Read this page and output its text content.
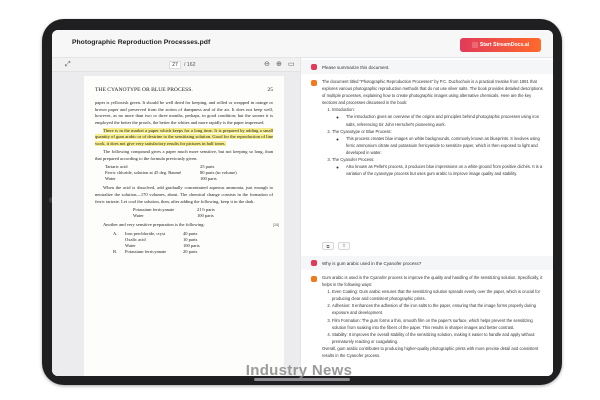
Photographic Reproduction Processes.pdf	Start StreamDocs.ai
⤢	27	/ 162	⊖ ⊕ ▭
THE CYANOTYPE OR BLUE PROCESS.	25

paper is yellowish green. It should be well dried for keeping, and rolled or wrapped in orange or brown paper and preserved from the action of dampness and of the air. It does not keep well, however, as no more than two or three months, perhaps, in good condition; but the sooner it is employed the better the proofs, the better the whites and more rapidly is the paper impressed.

There is in the market a paper which keeps for a long time. It is prepared by adding a small quantity of gum arabic or of dextrine to the sensitizing solution. Good for the reproduction of line work, it does not give very satisfactory results for pictures in half tones.

The following compound gives a paper much more sensitive, but not keeping so long, than that prepared according to the formula previously given.

Tartaric acid	25 parts
Ferric chloride, solution at 45 deg. Baumé	80 parts (in volume)
Water	100 parts

When the acid is dissolved, add gradually concentrated aqueous ammonia, just enough to neutralize the solution—170 volumes, about. The chemical change consists in the formation of ferric tartrate. Let cool the solution, then, after adding the following, keep it in the dark.

Potassium ferricyanate	21½ parts
Water	100 parts

Another and very sensitive preparation is the following:

A.	Iron perchloride, cryst	40 parts
Oxalic acid	10 parts
Water	100 parts
B.	Potassium ferricyanate	20 parts
[15]
Please summarize this document.

The document titled "Photographic Reproduction Processes" by P.C. Duchochois is a practical treatise from 1891 that explores various photographic reproduction methods that do not use silver salts. The book provides detailed descriptions of multiple processes, explaining how to create photographic images using alternative chemicals. Here are the key sections and processes discussed in the book:

1. Introduction:
◦ The introduction gives an overview of the origins and principles behind photographic processes using iron salts, referencing Sir John Herschel's pioneering work.
2. The Cyanotype or Blue Process:
◦ This process creates blue images on white backgrounds, commonly known as blueprints. It involves using ferric ammonium citrate and potassium ferricyanide to sensitize paper, which is then exposed to light and developed in water.
3. The Cyanofer Process:
◦ Also known as Pellet's process, it produces blue impressions on a white ground from positive clichés. It is a variation of the cyanotype process but uses gum arabic to improve image quality and stability.
⧉	⇪
Why is gum arabic used in the Cyanofer process?

Gum arabic is used in the Cyanofer process to improve the quality and handling of the sensitizing solution. Specifically, it helps in the following ways:

1. Even Coating: Gum arabic ensures that the sensitizing solution spreads evenly over the paper, which is crucial for producing clear and consistent photographic prints.
2. Adhesion: It enhances the adhesion of the iron salts to the paper, ensuring that the image forms properly during exposure and development.
3. Film Formation: The gum forms a thin, smooth film on the paper's surface, which helps prevent the sensitizing solution from soaking into the fibers of the paper. This results in sharper images and better contrast.
4. Stability: It improves the overall stability of the sensitizing solution, making it easier to handle and apply without prematurely reacting or coagulating.

Overall, gum arabic contributes to producing higher-quality photographic prints with more precise detail and consistent results in the Cyanofer process.

Industry News
